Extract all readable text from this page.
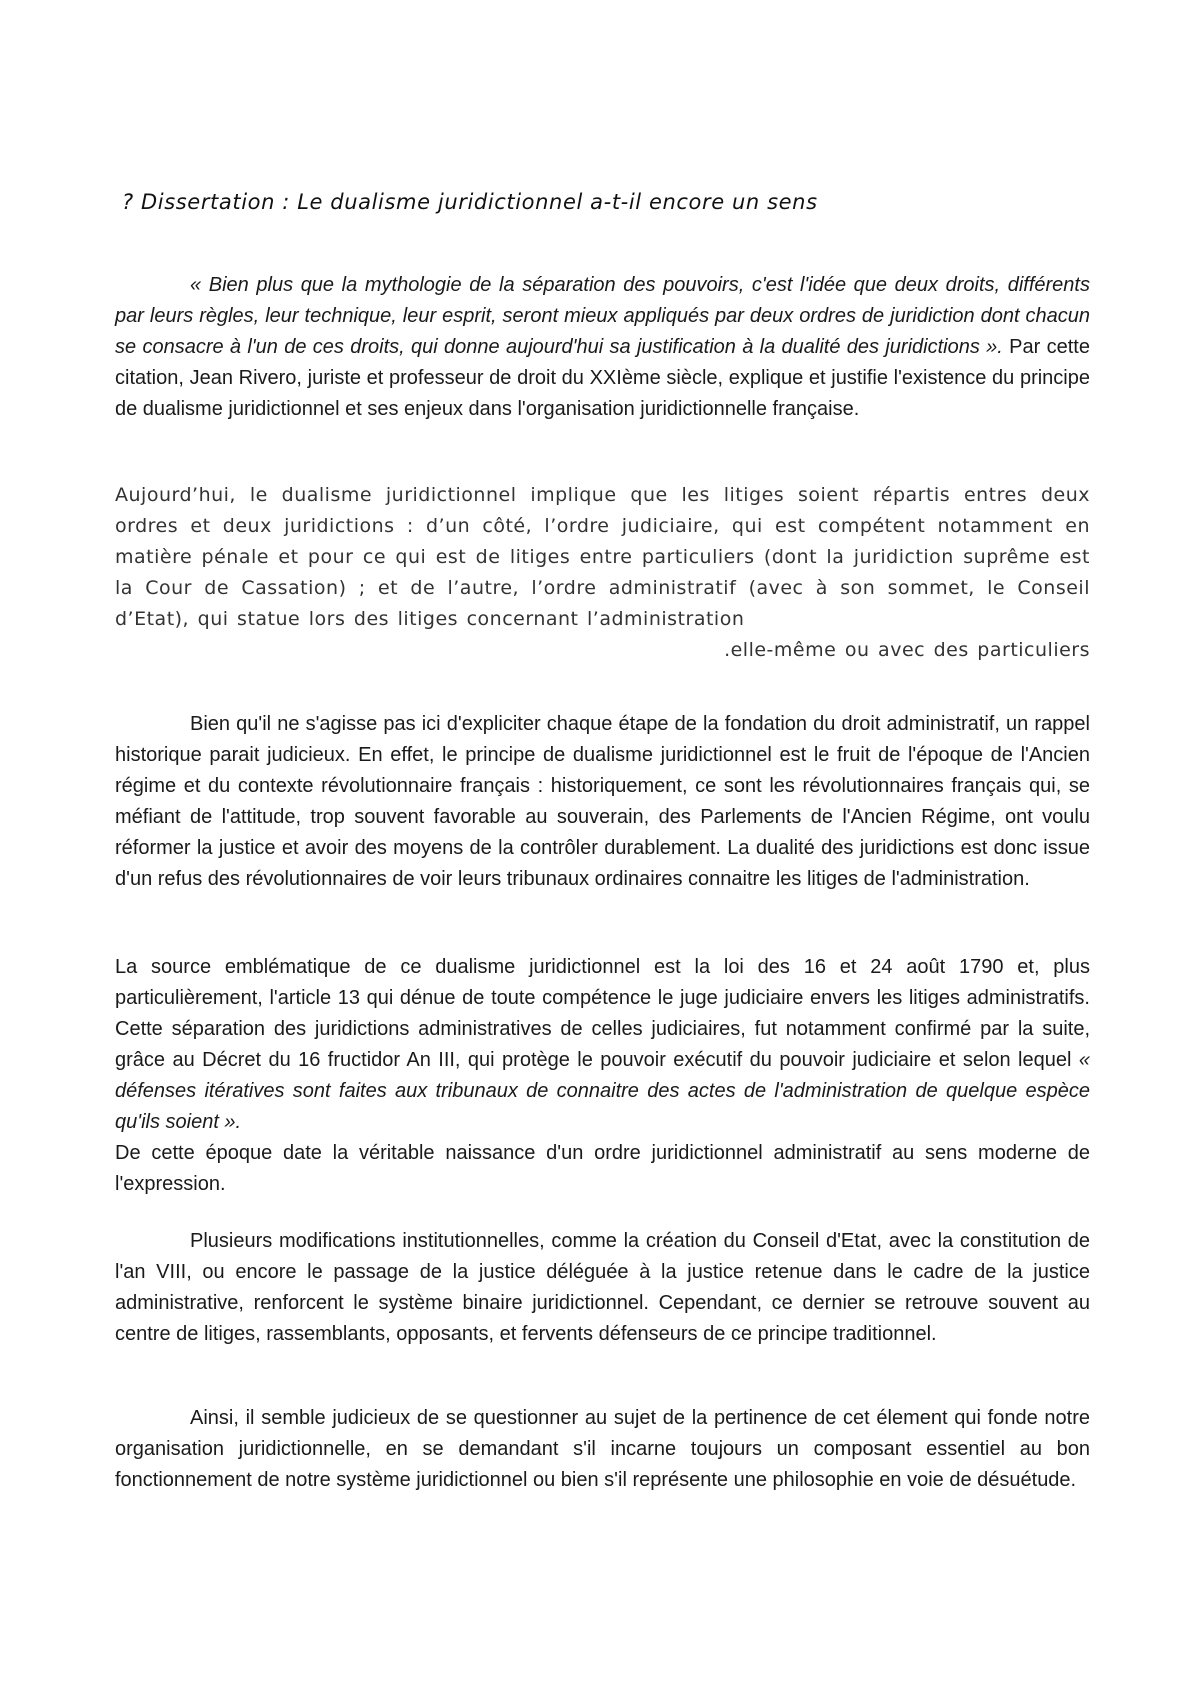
? Dissertation : Le dualisme juridictionnel a-t-il encore un sens
« Bien plus que la mythologie de la séparation des pouvoirs, c'est l'idée que deux droits, différents par leurs règles, leur technique, leur esprit, seront mieux appliqués par deux ordres de juridiction dont chacun se consacre à l'un de ces droits, qui donne aujourd'hui sa justification à la dualité des juridictions ». Par cette citation, Jean Rivero, juriste et professeur de droit du XXIème siècle, explique et justifie l'existence du principe de dualisme juridictionnel et ses enjeux dans l'organisation juridictionnelle française.
Aujourd’hui, le dualisme juridictionnel implique que les litiges soient répartis entres deux ordres et deux juridictions : d’un côté, l’ordre judiciaire, qui est compétent notamment en matière pénale et pour ce qui est de litiges entre particuliers (dont la juridiction suprême est la Cour de Cassation) ; et de l’autre, l’ordre administratif (avec à son sommet, le Conseil d’Etat), qui statue lors des litiges concernant l’administration
.elle-même ou avec des particuliers
Bien qu'il ne s'agisse pas ici d'expliciter chaque étape de la fondation du droit administratif, un rappel historique parait judicieux. En effet, le principe de dualisme juridictionnel est le fruit de l'époque de l'Ancien régime et du contexte révolutionnaire français : historiquement, ce sont les révolutionnaires français qui, se méfiant de l'attitude, trop souvent favorable au souverain, des Parlements de l'Ancien Régime, ont voulu réformer la justice et avoir des moyens de la contrôler durablement. La dualité des juridictions est donc issue d'un refus des révolutionnaires de voir leurs tribunaux ordinaires connaitre les litiges de l'administration.
La source emblématique de ce dualisme juridictionnel est la loi des 16 et 24 août 1790 et, plus particulièrement, l'article 13 qui dénue de toute compétence le juge judiciaire envers les litiges administratifs. Cette séparation des juridictions administratives de celles judiciaires, fut notamment confirmé par la suite, grâce au Décret du 16 fructidor An III, qui protège le pouvoir exécutif du pouvoir judiciaire et selon lequel « défenses itératives sont faites aux tribunaux de connaitre des actes de l'administration de quelque espèce qu'ils soient ».
De cette époque date la véritable naissance d'un ordre juridictionnel administratif au sens moderne de l'expression.
Plusieurs modifications institutionnelles, comme la création du Conseil d'Etat, avec la constitution de l'an VIII, ou encore le passage de la justice déléguée à la justice retenue dans le cadre de la justice administrative, renforcent le système binaire juridictionnel. Cependant, ce dernier se retrouve souvent au centre de litiges, rassemblants, opposants, et fervents défenseurs de ce principe traditionnel.
Ainsi, il semble judicieux de se questionner au sujet de la pertinence de cet élement qui fonde notre organisation juridictionnelle, en se demandant s'il incarne toujours un composant essentiel au bon fonctionnement de notre système juridictionnel ou bien s'il représente une philosophie en voie de désuétude.
